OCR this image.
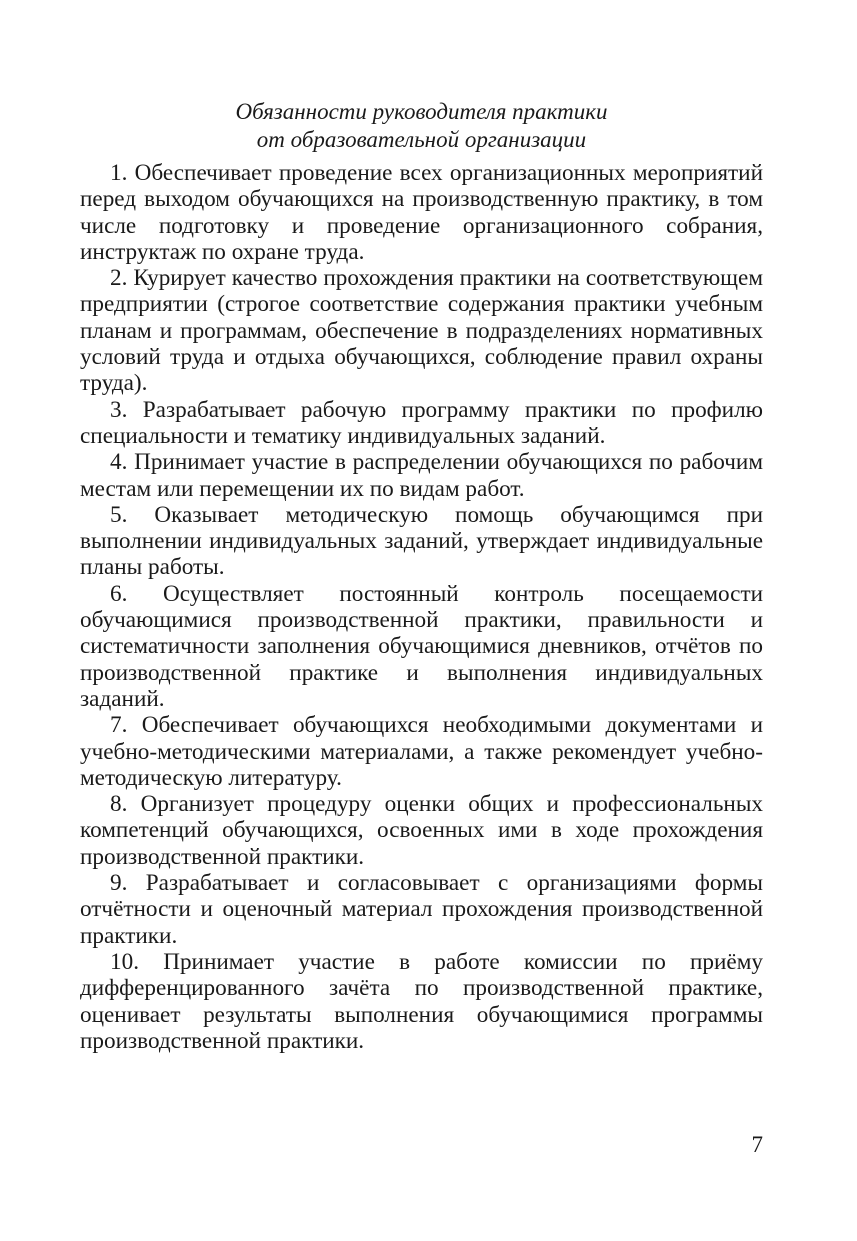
Обязанности руководителя практики
от образовательной организации

1. Обеспечивает проведение всех организационных мероприятий перед выходом обучающихся на производственную практику, в том числе подготовку и проведение организационного собрания, инструктаж по охране труда.

2. Курирует качество прохождения практики на соответствующем предприятии (строгое соответствие содержания практики учебным планам и программам, обеспечение в подразделениях нормативных условий труда и отдыха обучающихся, соблюдение правил охраны труда).

3. Разрабатывает рабочую программу практики по профилю специальности и тематику индивидуальных заданий.

4. Принимает участие в распределении обучающихся по рабочим местам или перемещении их по видам работ.

5. Оказывает методическую помощь обучающимся при выполнении индивидуальных заданий, утверждает индивидуальные планы работы.

6. Осуществляет постоянный контроль посещаемости обучающимися производственной практики, правильности и систематичности заполнения обучающимися дневников, отчётов по производственной практике и выполнения индивидуальных заданий.

7. Обеспечивает обучающихся необходимыми документами и учебно-методическими материалами, а также рекомендует учебно-методическую литературу.

8. Организует процедуру оценки общих и профессиональных компетенций обучающихся, освоенных ими в ходе прохождения производственной практики.

9. Разрабатывает и согласовывает с организациями формы отчётности и оценочный материал прохождения производственной практики.

10. Принимает участие в работе комиссии по приёму дифференцированного зачёта по производственной практике, оценивает результаты выполнения обучающимися программы производственной практики.

7
